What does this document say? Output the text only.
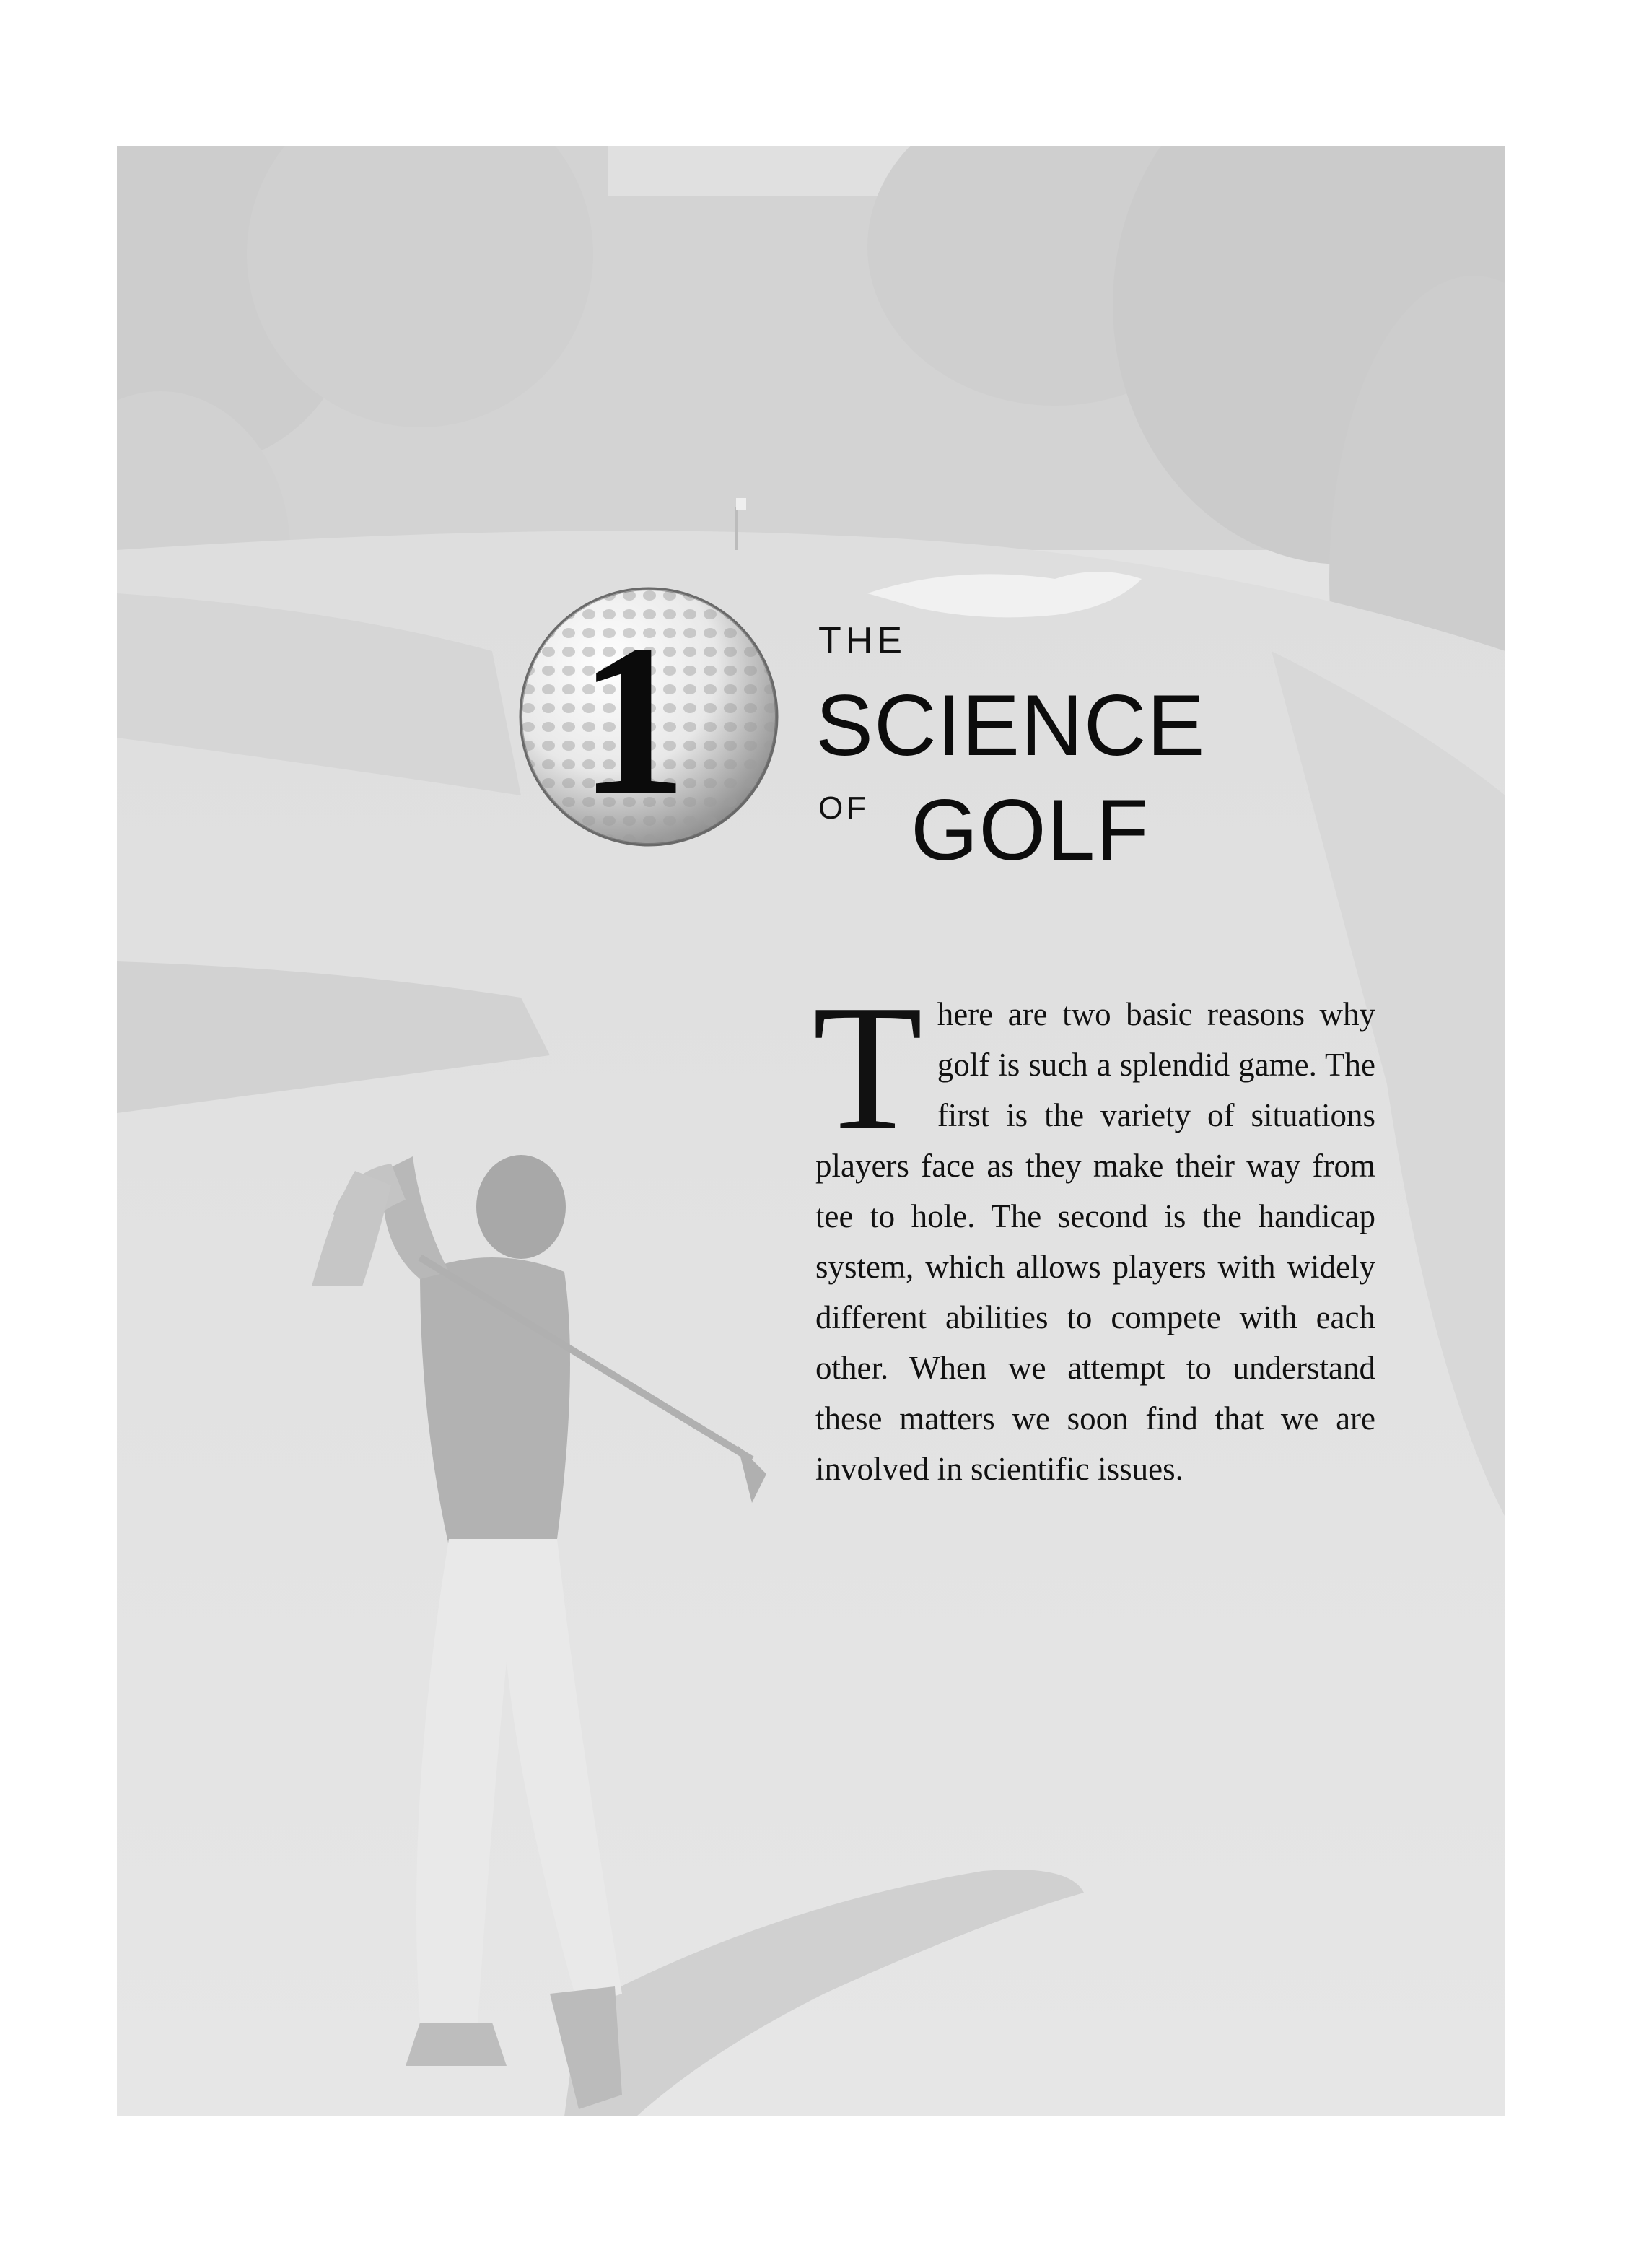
1	THE
SCIENCE
OF GOLF

There are two basic reasons why golf is such a splendid game. The first is the variety of situations players face as they make their way from tee to hole. The second is the handicap system, which allows players with widely different abilities to compete with each other. When we attempt to understand these matters we soon find that we are involved in scientific issues.
